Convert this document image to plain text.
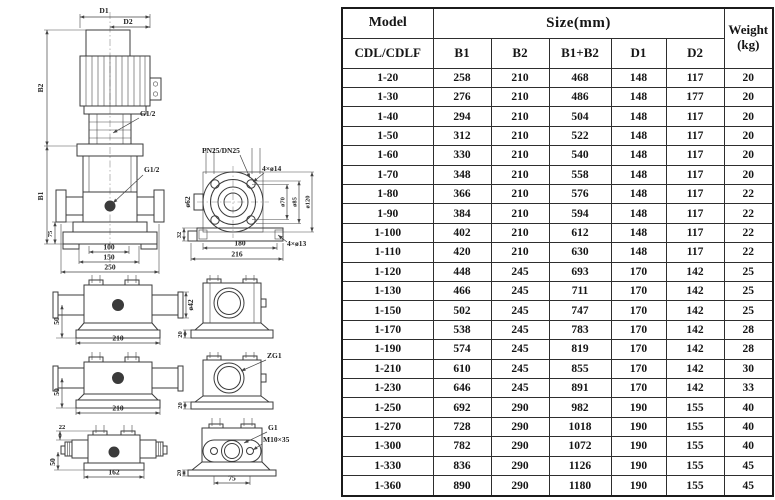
D1
D2
B2
B1
75
G1/2
G1/2
100
150
250
PN25/DN25
4×ø14
ø62	ø70 ø85 ø120
32
180
216
4×ø13
50
ø42
210	20
50
210
ZG1
20
22
50
162
G1
M10×35
75
20
Model	Size(mm)					Weight
(kg)

CDL/CDLF	B1	B2	B1+B2	D1	D2	
1-20	258	210	468	148	117	20
1-30	276	210	486	148	177	20
1-40	294	210	504	148	117	20
1-50	312	210	522	148	117	20
1-60	330	210	540	148	117	20
1-70	348	210	558	148	117	20
1-80	366	210	576	148	117	22
1-90	384	210	594	148	117	22
1-100	402	210	612	148	117	22
1-110	420	210	630	148	117	22
1-120	448	245	693	170	142	25
1-130	466	245	711	170	142	25
1-150	502	245	747	170	142	25
1-170	538	245	783	170	142	28
1-190	574	245	819	170	142	28
1-210	610	245	855	170	142	30
1-230	646	245	891	170	142	33
1-250	692	290	982	190	155	40
1-270	728	290	1018	190	155	40
1-300	782	290	1072	190	155	40
1-330	836	290	1126	190	155	45
1-360	890	290	1180	190	155	45
